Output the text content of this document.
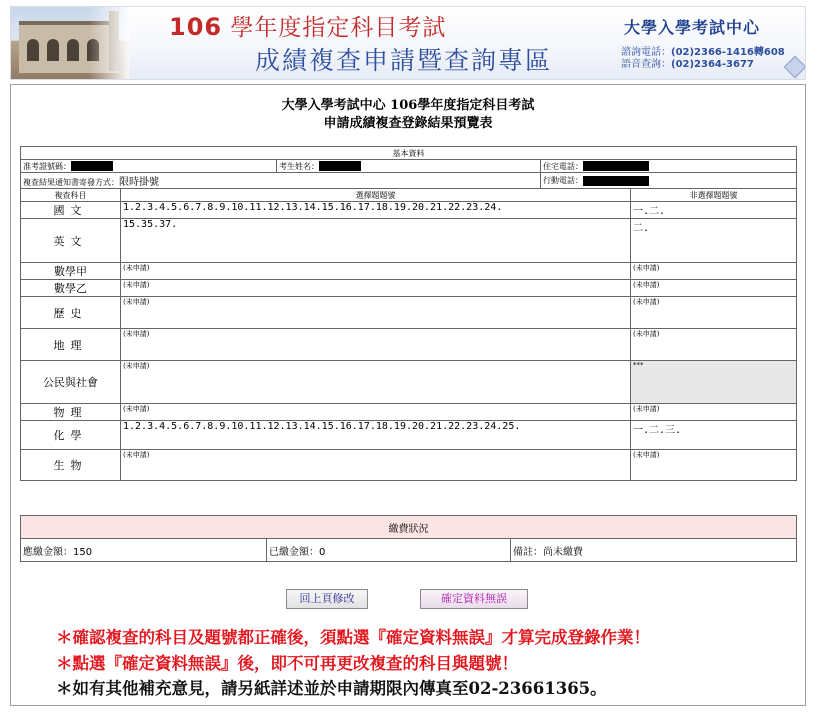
106 學年度指定科目考試
成績複查申請暨查詢專區
大學入學考試中心
諮詢電話：(02)2366-1416轉608
語音查詢：(02)2364-3677
大學入學考試中心 106學年度指定科目考試
申請成績複查登錄結果預覽表
基本資料				
准考證號碼：		考生姓名：	住宅電話：	
複查結果通知書寄發方式：限時掛號			行動電話：	
複查科目	選擇題題號			非選擇題題號
國文	1.2.3.4.5.6.7.8.9.10.11.12.13.14.15.16.17.18.19.20.21.22.23.24.			一.二.
英文	15.35.37.			二.
數學甲	(未申請)			(未申請)
數學乙	(未申請)			(未申請)
歷史	(未申請)			(未申請)
地理	(未申請)			(未申請)
公民與社會	(未申請)			***
物理	(未申請)			(未申請)
化學	1.2.3.4.5.6.7.8.9.10.11.12.13.14.15.16.17.18.19.20.21.22.23.24.25.			一.二.三.
生物	(未申請)			(未申請)
繳費狀況
應繳金額：150	已繳金額：0	備註：尚未繳費
回上頁修改	確定資料無誤
＊確認複查的科目及題號都正確後，須點選『確定資料無誤』才算完成登錄作業！
＊點選『確定資料無誤』後，即不可再更改複查的科目與題號！
＊如有其他補充意見，請另紙詳述並於申請期限內傳真至02-23661365。
